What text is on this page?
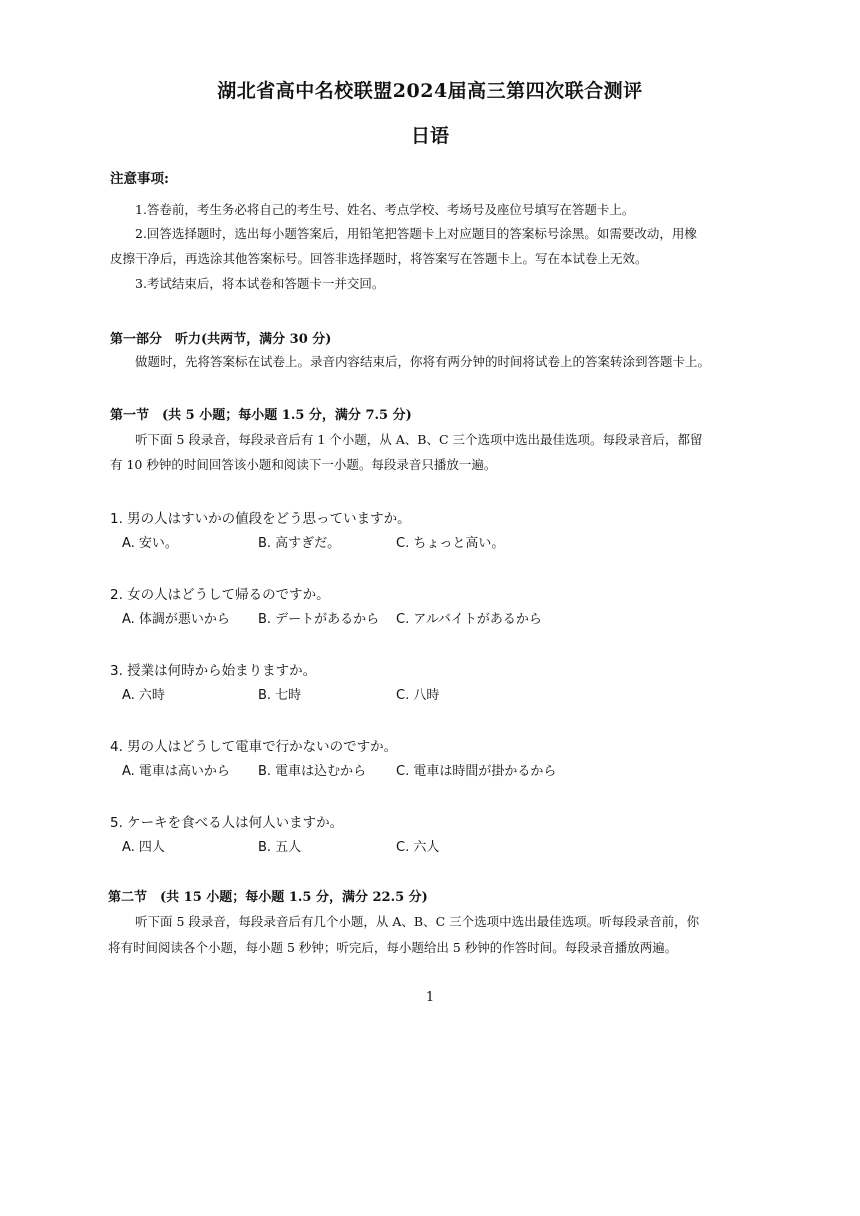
湖北省高中名校联盟2024届高三第四次联合测评
日语
注意事项:
1.答卷前，考生务必将自己的考生号、姓名、考点学校、考场号及座位号填写在答题卡上。
2.回答选择题时，选出每小题答案后，用铅笔把答题卡上对应题目的答案标号涂黑。如需要改动，用橡
皮擦干净后，再选涂其他答案标号。回答非选择题时，将答案写在答题卡上。写在本试卷上无效。
3.考试结束后，将本试卷和答题卡一并交回。
第一部分　听力(共两节，满分 30 分)
做题时，先将答案标在试卷上。录音内容结束后，你将有两分钟的时间将试卷上的答案转涂到答题卡上。
第一节　(共 5 小题；每小题 1.5 分，满分 7.5 分)
听下面 5 段录音，每段录音后有 1 个小题，从 A、B、C 三个选项中选出最佳选项。每段录音后，都留
有 10 秒钟的时间回答该小题和阅读下一小题。每段录音只播放一遍。
1. 男の人はすいかの値段をどう思っていますか。
A. 安い。	B. 高すぎだ。	C. ちょっと高い。
2. 女の人はどうして帰るのですか。
A. 体調が悪いから B. デートがあるから C. アルバイトがあるから
3. 授業は何時から始まりますか。
A. 六時	B. 七時	C. 八時
4. 男の人はどうして電車で行かないのですか。
A. 電車は高いから B. 電車は込むから C. 電車は時間が掛かるから
5. ケーキを食べる人は何人いますか。
A. 四人	B. 五人	C. 六人
第二节　(共 15 小题；每小题 1.5 分，满分 22.5 分)
听下面 5 段录音，每段录音后有几个小题，从 A、B、C 三个选项中选出最佳选项。听每段录音前，你
将有时间阅读各个小题，每小题 5 秒钟；听完后，每小题给出 5 秒钟的作答时间。每段录音播放两遍。
1
